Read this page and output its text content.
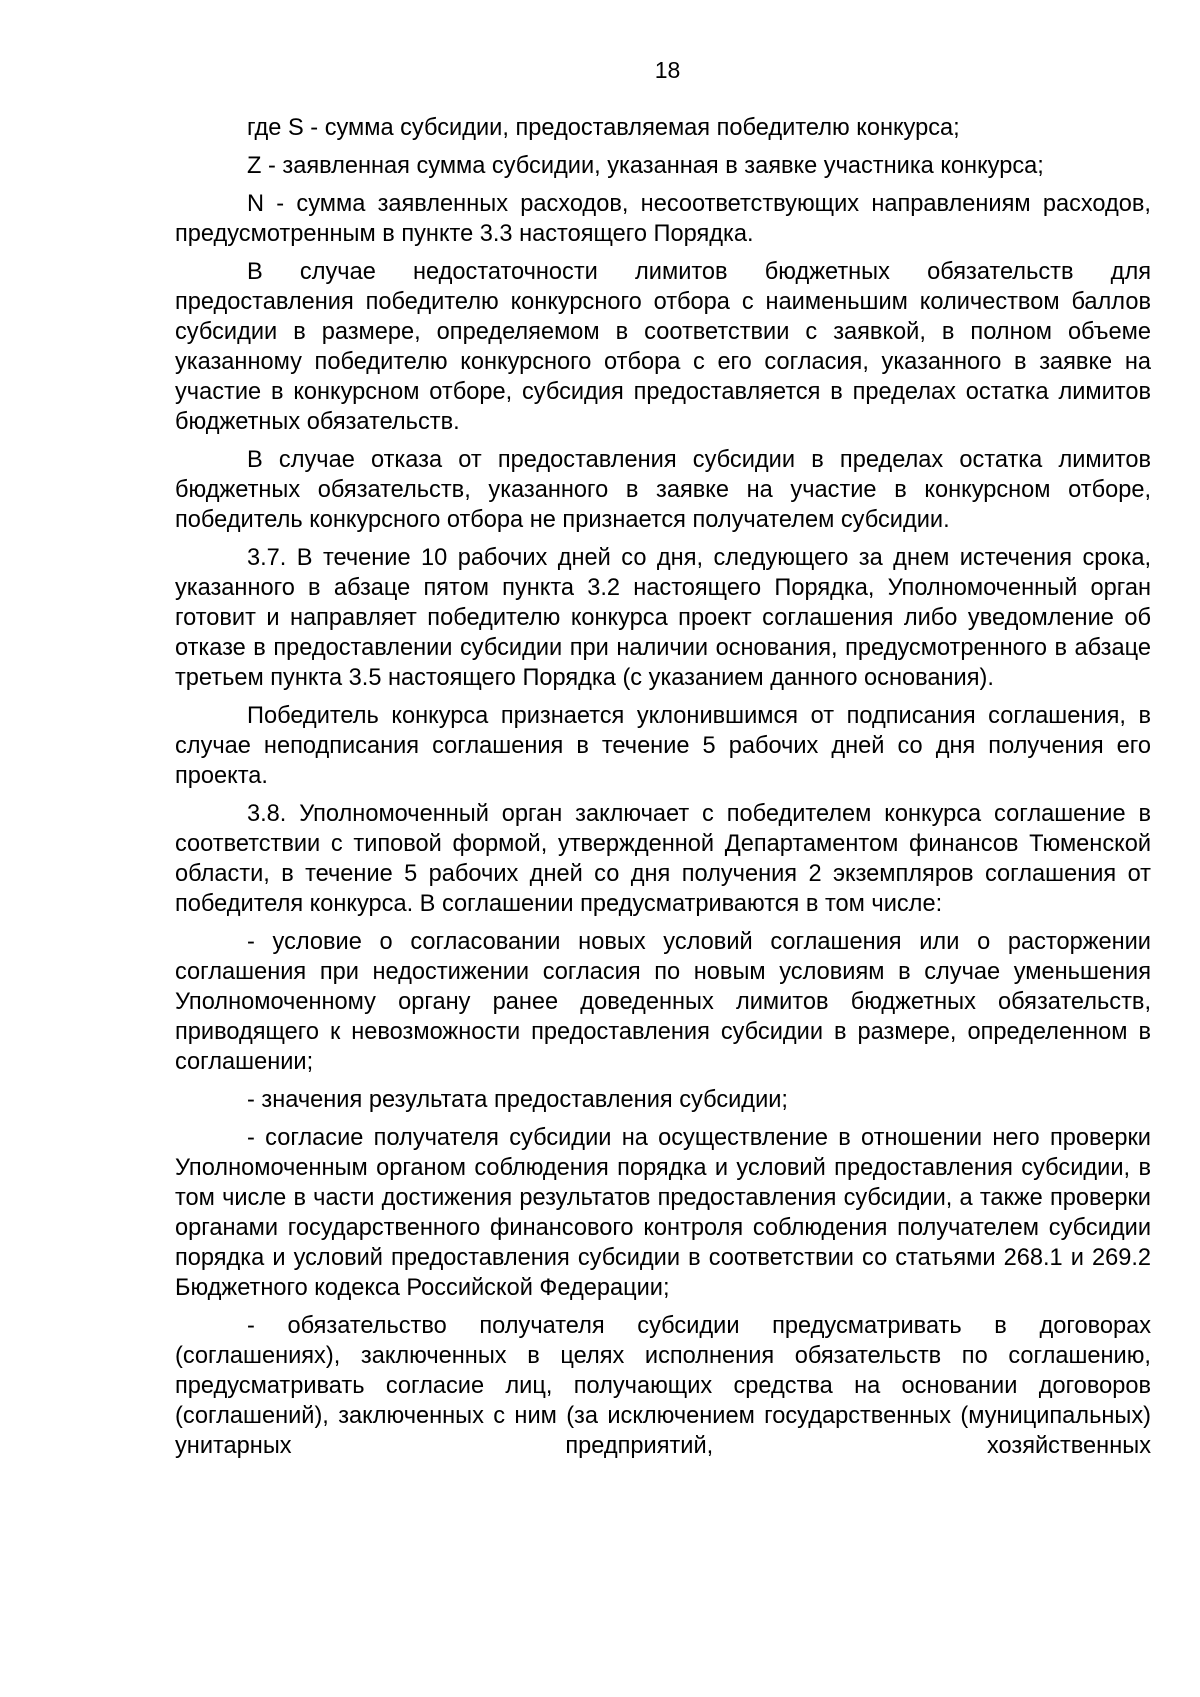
18

где S - сумма субсидии, предоставляемая победителю конкурса;

Z - заявленная сумма субсидии, указанная в заявке участника конкурса;

N - сумма заявленных расходов, несоответствующих направлениям расходов, предусмотренным в пункте 3.3 настоящего Порядка.

В случае недостаточности лимитов бюджетных обязательств для предоставления победителю конкурсного отбора с наименьшим количеством баллов субсидии в размере, определяемом в соответствии с заявкой, в полном объеме указанному победителю конкурсного отбора с его согласия, указанного в заявке на участие в конкурсном отборе, субсидия предоставляется в пределах остатка лимитов бюджетных обязательств.

В случае отказа от предоставления субсидии в пределах остатка лимитов бюджетных обязательств, указанного в заявке на участие в конкурсном отборе, победитель конкурсного отбора не признается получателем субсидии.

3.7. В течение 10 рабочих дней со дня, следующего за днем истечения срока, указанного в абзаце пятом пункта 3.2 настоящего Порядка, Уполномоченный орган готовит и направляет победителю конкурса проект соглашения либо уведомление об отказе в предоставлении субсидии при наличии основания, предусмотренного в абзаце третьем пункта 3.5 настоящего Порядка (с указанием данного основания).

Победитель конкурса признается уклонившимся от подписания соглашения, в случае неподписания соглашения в течение 5 рабочих дней со дня получения его проекта.

3.8. Уполномоченный орган заключает с победителем конкурса соглашение в соответствии с типовой формой, утвержденной Департаментом финансов Тюменской области, в течение 5 рабочих дней со дня получения 2 экземпляров соглашения от победителя конкурса. В соглашении предусматриваются в том числе:

- условие о согласовании новых условий соглашения или о расторжении соглашения при недостижении согласия по новым условиям в случае уменьшения Уполномоченному органу ранее доведенных лимитов бюджетных обязательств, приводящего к невозможности предоставления субсидии в размере, определенном в соглашении;

- значения результата предоставления субсидии;

- согласие получателя субсидии на осуществление в отношении него проверки Уполномоченным органом соблюдения порядка и условий предоставления субсидии, в том числе в части достижения результатов предоставления субсидии, а также проверки органами государственного финансового контроля соблюдения получателем субсидии порядка и условий предоставления субсидии в соответствии со статьями 268.1 и 269.2 Бюджетного кодекса Российской Федерации;

- обязательство получателя субсидии предусматривать в договорах (соглашениях), заключенных в целях исполнения обязательств по соглашению, предусматривать согласие лиц, получающих средства на основании договоров (соглашений), заключенных с ним (за исключением государственных (муниципальных) унитарных предприятий, хозяйственных
